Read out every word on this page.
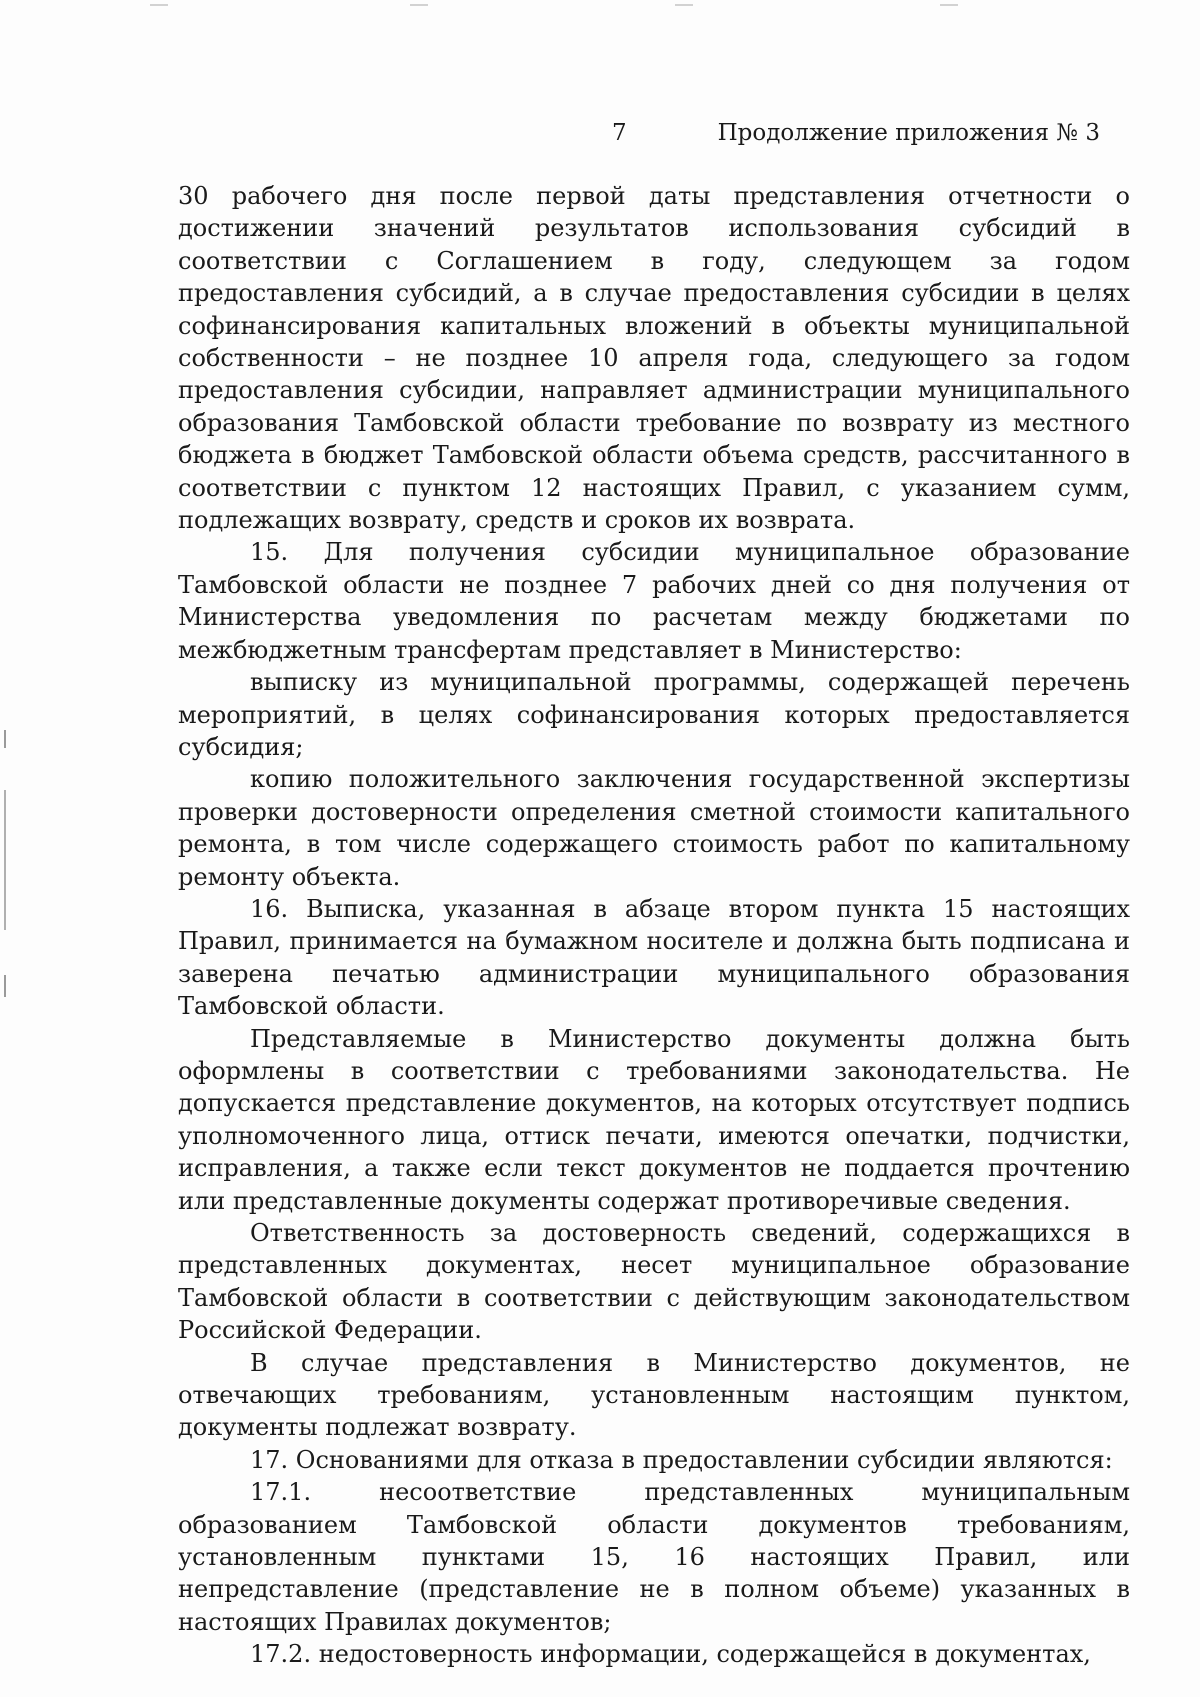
7	Продолжение приложения № 3

30 рабочего дня после первой даты представления отчетности о достижении значений результатов использования субсидий в соответствии с Соглашением в году, следующем за годом предоставления субсидий, а в случае предоставления субсидии в целях софинансирования капитальных вложений в объекты муниципальной собственности – не позднее 10 апреля года, следующего за годом предоставления субсидии, направляет администрации муниципального образования Тамбовской области требование по возврату из местного бюджета в бюджет Тамбовской области объема средств, рассчитанного в соответствии с пунктом 12 настоящих Правил, с указанием сумм, подлежащих возврату, средств и сроков их возврата.

15. Для получения субсидии муниципальное образование Тамбовской области не позднее 7 рабочих дней со дня получения от Министерства уведомления по расчетам между бюджетами по межбюджетным трансфертам представляет в Министерство:

выписку из муниципальной программы, содержащей перечень мероприятий, в целях софинансирования которых предоставляется субсидия;

копию положительного заключения государственной экспертизы проверки достоверности определения сметной стоимости капитального ремонта, в том числе содержащего стоимость работ по капитальному ремонту объекта.

16. Выписка, указанная в абзаце втором пункта 15 настоящих Правил, принимается на бумажном носителе и должна быть подписана и заверена печатью администрации муниципального образования Тамбовской области.

Представляемые в Министерство документы должна быть оформлены в соответствии с требованиями законодательства. Не допускается представление документов, на которых отсутствует подпись уполномоченного лица, оттиск печати, имеются опечатки, подчистки, исправления, а также если текст документов не поддается прочтению или представленные документы содержат противоречивые сведения.

Ответственность за достоверность сведений, содержащихся в представленных документах, несет муниципальное образование Тамбовской области в соответствии с действующим законодательством Российской Федерации.

В случае представления в Министерство документов, не отвечающих требованиям, установленным настоящим пунктом, документы подлежат возврату.

17. Основаниями для отказа в предоставлении субсидии являются:

17.1. несоответствие представленных муниципальным образованием Тамбовской области документов требованиям, установленным пунктами 15, 16 настоящих Правил, или непредставление (представление не в полном объеме) указанных в настоящих Правилах документов;

17.2. недостоверность информации, содержащейся в документах,
